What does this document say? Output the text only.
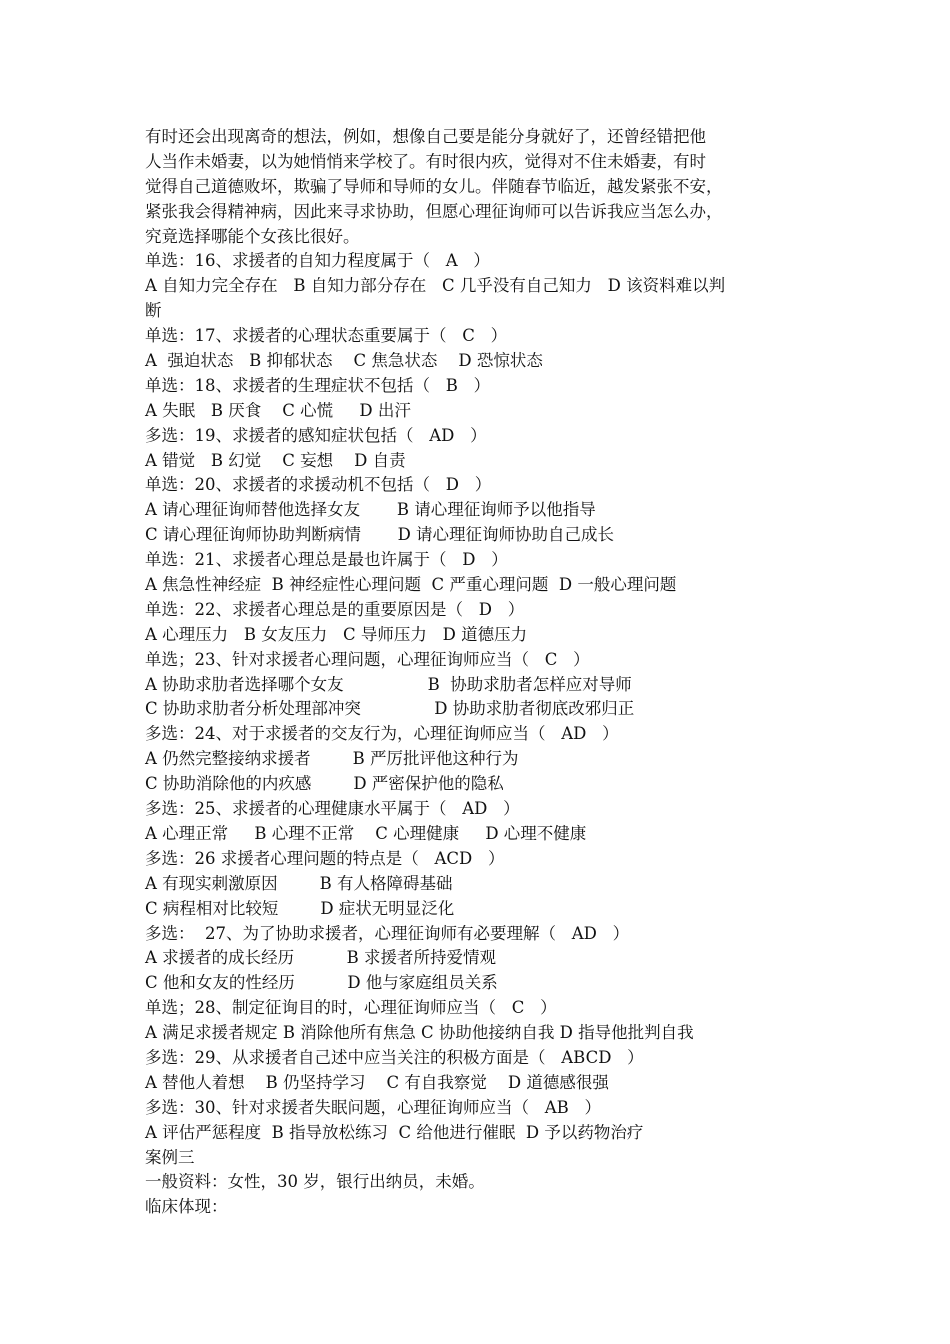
有时还会出现离奇的想法，例如，想像自己要是能分身就好了，还曾经错把他

人当作未婚妻，以为她悄悄来学校了。有时很内疚，觉得对不住未婚妻，有时

觉得自己道德败坏，欺骗了导师和导师的女儿。伴随春节临近，越发紧张不安，

紧张我会得精神病，因此来寻求协助，但愿心理征询师可以告诉我应当怎么办，

究竟选择哪能个女孩比很好。

单选：16、求援者的自知力程度属于（   A   ）

A 自知力完全存在   B 自知力部分存在   C 几乎没有自己知力   D 该资料难以判

断

单选：17、求援者的心理状态重要属于（   C   ）

A  强迫状态   B 抑郁状态    C 焦急状态    D 恐惊状态

单选：18、求援者的生理症状不包括（   B   ）

A 失眠   B 厌食    C 心慌     D 出汗

多选：19、求援者的感知症状包括（   AD   ）

A 错觉   B 幻觉    C 妄想    D 自责

单选：20、求援者的求援动机不包括（   D   ）

A 请心理征询师替他选择女友       B 请心理征询师予以他指导

C 请心理征询师协助判断病情       D 请心理征询师协助自己成长

单选：21、求援者心理总是最也许属于（   D   ）

A 焦急性神经症  B 神经症性心理问题  C 严重心理问题  D 一般心理问题

单选：22、求援者心理总是的重要原因是（   D   ）

A 心理压力   B 女友压力   C 导师压力   D 道德压力

单选；23、针对求援者心理问题，心理征询师应当（   C   ）

A 协助求肋者选择哪个女友                B  协助求肋者怎样应对导师

C 协助求肋者分析处理部冲突              D 协助求肋者彻底改邪归正

多选：24、对于求援者的交友行为，心理征询师应当（   AD   ）

A 仍然完整接纳求援者        B 严厉批评他这种行为

C 协助消除他的内疚感        D 严密保护他的隐私

多选：25、求援者的心理健康水平属于（   AD   ）

A 心理正常     B 心理不正常    C 心理健康     D 心理不健康

多选：26 求援者心理问题的特点是（   ACD   ）

A 有现实刺激原因        B 有人格障碍基础

C 病程相对比较短        D 症状无明显泛化

多选：  27、为了协助求援者，心理征询师有必要理解（   AD   ）

A 求援者的成长经历          B 求援者所持爱情观

C 他和女友的性经历          D 他与家庭组员关系

单选；28、制定征询目的时，心理征询师应当（   C   ）

A 满足求援者规定 B 消除他所有焦急 C 协助他接纳自我 D 指导他批判自我

多选：29、从求援者自己述中应当关注的积极方面是（   ABCD   ）

A 替他人着想    B 仍坚持学习    C 有自我察觉    D 道德感很强

多选：30、针对求援者失眠问题，心理征询师应当（   AB   ）

A 评估严惩程度  B 指导放松练习  C 给他进行催眠  D 予以药物治疗

案例三

一般资料：女性，30 岁，银行出纳员，未婚。

临床体现：
